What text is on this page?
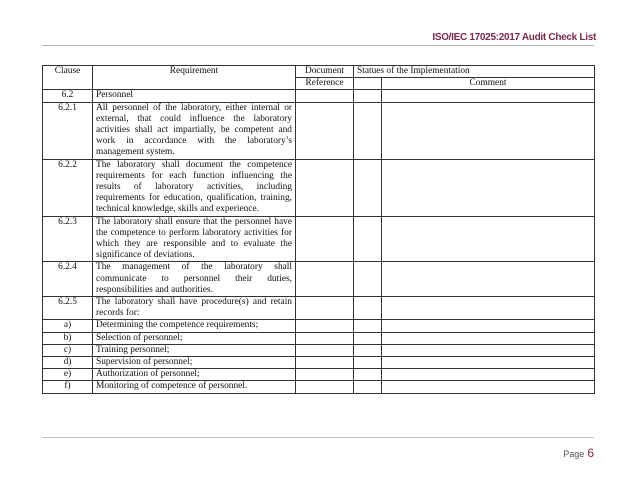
ISO/IEC 17025:2017 Audit Check List
Clause	Requirement	Document	Statues of the Implementation	
		Reference		Comment
6.2	Personnel			
6.2.1	All personnel of the laboratory, either internal or external, that could influence the laboratory activities shall act impartially, be competent and work in accordance with the laboratory’s management system.			
6.2.2	The laboratory shall document the competence requirements for each function influencing the results of laboratory activities, including requirements for education, qualification, training, technical knowledge, skills and experience.			
6.2.3	The laboratory shall ensure that the personnel have the competence to perform laboratory activities for which they are responsible and to evaluate the significance of deviations.			
6.2.4	The management of the laboratory shall communicate to personnel their duties, responsibilities and authorities.			
6.2.5	The laboratory shall have procedure(s) and retain records for:			
a)	Determining the competence requirements;			
b)	Selection of personnel;			
c)	Training personnel;			
d)	Supervision of personnel;			
e)	Authorization of personnel;			
f)	Monitoring of competence of personnel.			
Page 6
